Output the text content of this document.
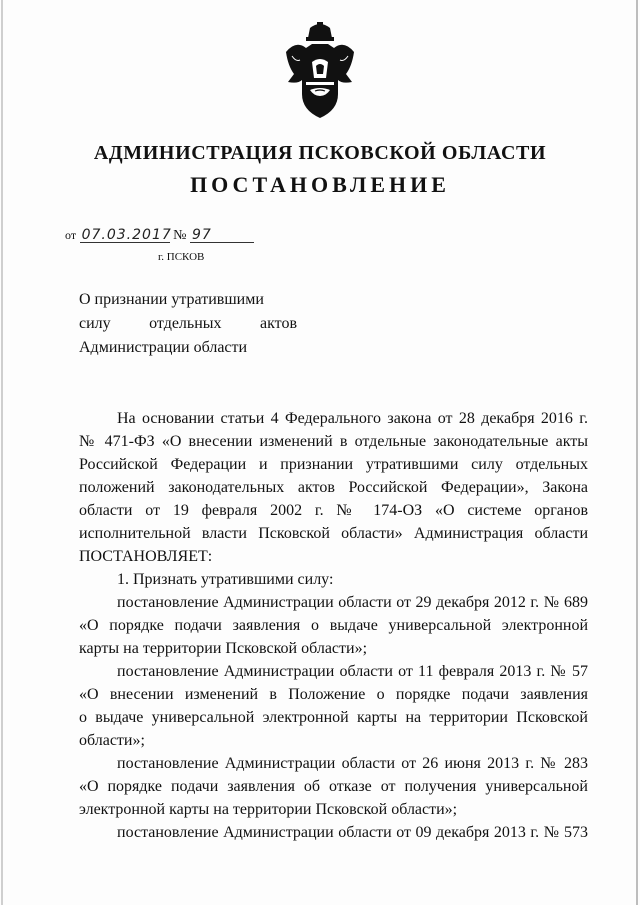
АДМИНИСТРАЦИЯ ПСКОВСКОЙ ОБЛАСТИ
ПОСТАНОВЛЕНИЕ
от 07.03.2017 № 97
г. ПСКОВ
О признании утратившими
силу отдельных актов
Администрации области
На основании статьи 4 Федерального закона от 28 декабря 2016 г.
№ 471-ФЗ «О внесении изменений в отдельные законодательные акты
Российской Федерации и признании утратившими силу отдельных
положений законодательных актов Российской Федерации», Закона
области от 19 февраля 2002 г. № 174-ОЗ «О системе органов
исполнительной власти Псковской области» Администрация области
ПОСТАНОВЛЯЕТ:
1. Признать утратившими силу:
постановление Администрации области от 29 декабря 2012 г. № 689
«О порядке подачи заявления о выдаче универсальной электронной
карты на территории Псковской области»;
постановление Администрации области от 11 февраля 2013 г. № 57
«О внесении изменений в Положение о порядке подачи заявления
о выдаче универсальной электронной карты на территории Псковской
области»;
постановление Администрации области от 26 июня 2013 г. № 283
«О порядке подачи заявления об отказе от получения универсальной
электронной карты на территории Псковской области»;
постановление Администрации области от 09 декабря 2013 г. № 573
